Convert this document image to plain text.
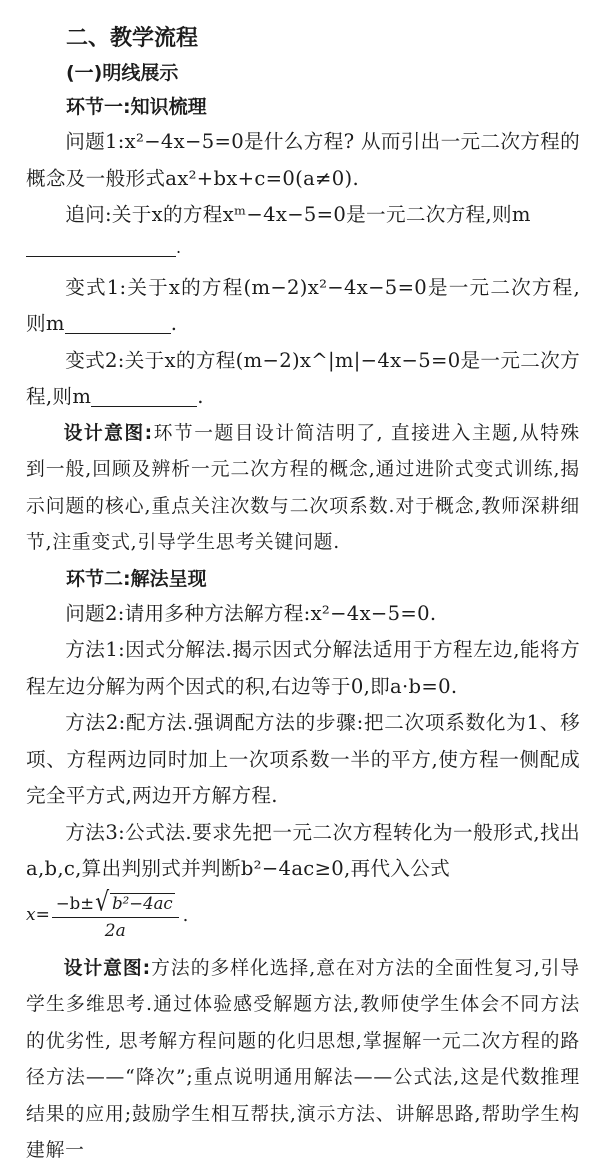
二、教学流程
(一)明线展示
环节一:知识梳理
问题1:x²−4x−5=0是什么方程? 从而引出一元二次方程的概念及一般形式ax²+bx+c=0(a≠0).
追问:关于x的方程xᵐ−4x−5=0是一元二次方程,则m
.
变式1:关于x的方程(m−2)x²−4x−5=0是一元二次方程,则m	.
变式2:关于x的方程(m−2)x^|m|−4x−5=0是一元二次方程,则m	.
设计意图:环节一题目设计简洁明了, 直接进入主题,从特殊到一般,回顾及辨析一元二次方程的概念,通过进阶式变式训练,揭示问题的核心,重点关注次数与二次项系数.对于概念,教师深耕细节,注重变式,引导学生思考关键问题.
环节二:解法呈现
问题2:请用多种方法解方程:x²−4x−5=0.
方法1:因式分解法.揭示因式分解法适用于方程左边,能将方程左边分解为两个因式的积,右边等于0,即a·b=0.
方法2:配方法.强调配方法的步骤:把二次项系数化为1、移项、方程两边同时加上一次项系数一半的平方,使方程一侧配成完全平方式,两边开方解方程.
方法3:公式法.要求先把一元二次方程转化为一般形式,找出a,b,c,算出判别式并判断b²−4ac≥0,再代入公式
$x= \frac{\text{−b±√ b²−4ac}}{2a}$ .
设计意图:方法的多样化选择,意在对方法的全面性复习,引导学生多维思考.通过体验感受解题方法,教师使学生体会不同方法的优劣性, 思考解方程问题的化归思想,掌握解一元二次方程的路径方法——“降次”;重点说明通用解法——公式法,这是代数推理结果的应用;鼓励学生相互帮扶,演示方法、讲解思路,帮助学生构建解一
